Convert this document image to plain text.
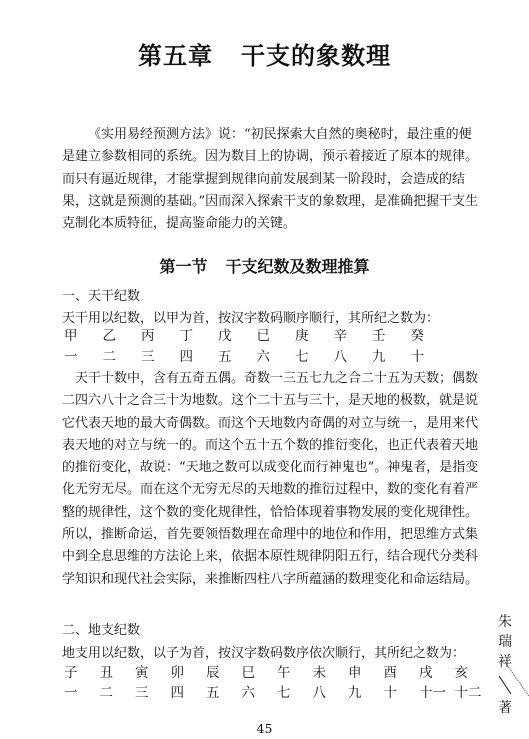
第五章 干支的象数理

《实用易经预测方法》说：“初民探索大自然的奥秘时，最注重的便是建立参数相同的系统。因为数目上的协调，预示着接近了原本的规律。而只有逼近规律，才能掌握到规律向前发展到某一阶段时，会造成的结果，这就是预测的基础。”因而深入探索干支的象数理，是准确把握干支生克制化本质特征，提高鉴命能力的关键。

第一节 干支纪数及数理推算
一、天干纪数
天干用以纪数，以甲为首，按汉字数码顺序顺行，其所纪之数为：
甲	乙	丙	丁	戊	已	庚	辛	壬	癸
一	二	三	四	五	六	七	八	九	十

天干十数中，含有五奇五偶。奇数一三五七九之合二十五为天数；偶数二四六八十之合三十为地数。这个二十五与三十，是天地的极数，就是说它代表天地的最大奇偶数。而这个天地数内奇偶的对立与统一，是用来代表天地的对立与统一的。而这个五十五个数的推衍变化，也正代表着天地的推衍变化，故说：“天地之数可以成变化而行神鬼也”。神鬼者，是指变化无穷无尽。而在这个无穷无尽的天地数的推衍过程中，数的变化有着严整的规律性，这个数的变化规律性，恰恰体现着事物发展的变化规律性。所以，推断命运，首先要领悟数理在命理中的地位和作用，把思维方式集中到全息思维的方法论上来，依据本原性规律阴阳五行，结合现代分类科学知识和现代社会实际，来推断四柱八字所蕴涵的数理变化和命运结局。

二、地支纪数
地支用以纪数，以子为首，按汉字数码数序依次顺行，其所纪之数为：
子	丑	寅	卯	辰	巳	午	未	申	酉	戌	亥
一	二	三	四	五	六	七	八	九	十	十一 十二
朱
瑞
祥
著
45
